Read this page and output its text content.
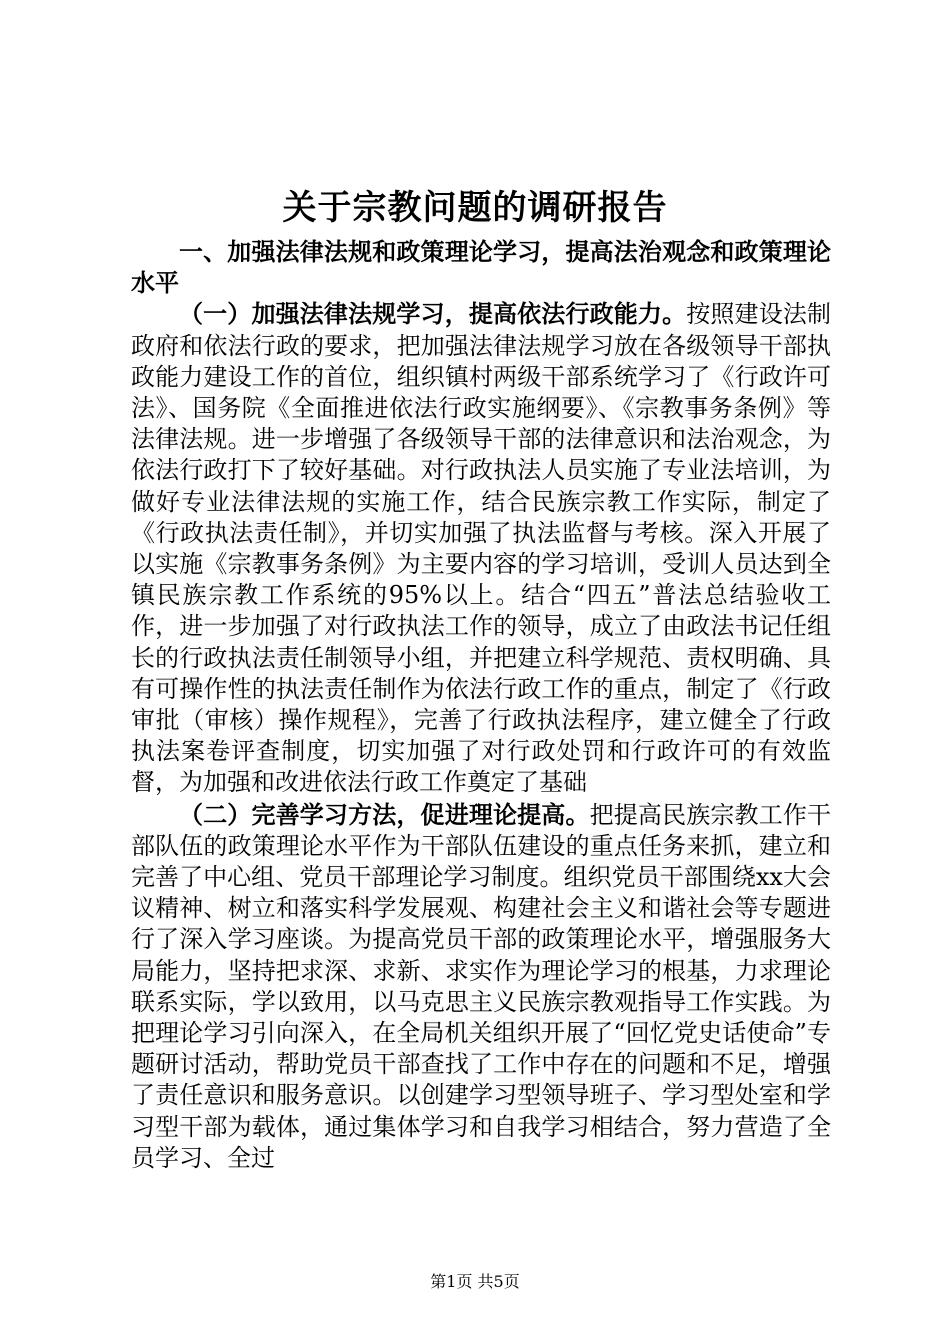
关于宗教问题的调研报告

一、加强法律法规和政策理论学习，提高法治观念和政策理论水平

（一）加强法律法规学习，提高依法行政能力。按照建设法制政府和依法行政的要求，把加强法律法规学习放在各级领导干部执政能力建设工作的首位，组织镇村两级干部系统学习了《行政许可法》、国务院《全面推进依法行政实施纲要》、《宗教事务条例》等法律法规。进一步增强了各级领导干部的法律意识和法治观念，为依法行政打下了较好基础。对行政执法人员实施了专业法培训，为做好专业法律法规的实施工作，结合民族宗教工作实际，制定了《行政执法责任制》，并切实加强了执法监督与考核。深入开展了以实施《宗教事务条例》为主要内容的学习培训，受训人员达到全镇民族宗教工作系统的95%以上。结合“四五”普法总结验收工作，进一步加强了对行政执法工作的领导，成立了由政法书记任组长的行政执法责任制领导小组，并把建立科学规范、责权明确、具有可操作性的执法责任制作为依法行政工作的重点，制定了《行政审批（审核）操作规程》，完善了行政执法程序，建立健全了行政执法案卷评查制度，切实加强了对行政处罚和行政许可的有效监督，为加强和改进依法行政工作奠定了基础

（二）完善学习方法，促进理论提高。把提高民族宗教工作干部队伍的政策理论水平作为干部队伍建设的重点任务来抓，建立和完善了中心组、党员干部理论学习制度。组织党员干部围绕xx大会议精神、树立和落实科学发展观、构建社会主义和谐社会等专题进行了深入学习座谈。为提高党员干部的政策理论水平，增强服务大局能力，坚持把求深、求新、求实作为理论学习的根基，力求理论联系实际，学以致用，以马克思主义民族宗教观指导工作实践。为把理论学习引向深入，在全局机关组织开展了“回忆党史话使命”专题研讨活动，帮助党员干部查找了工作中存在的问题和不足，增强了责任意识和服务意识。以创建学习型领导班子、学习型处室和学习型干部为载体，通过集体学习和自我学习相结合，努力营造了全员学习、全过

第1页 共5页
